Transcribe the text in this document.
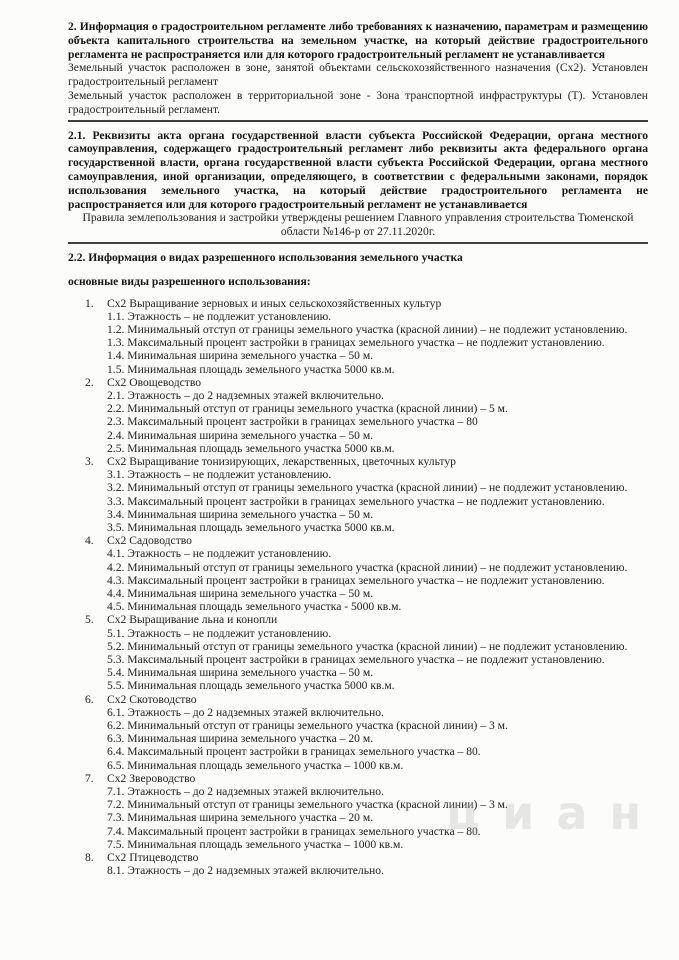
2. Информация о градостроительном регламенте либо требованиях к назначению, параметрам и размещению объекта капитального строительства на земельном участке, на который действие градостроительного регламента не распространяется или для которого градостроительный регламент не устанавливается
Земельный участок расположен в зоне, занятой объектами сельскохозяйственного назначения (Сх2). Установлен градостроительный регламент
Земельный участок расположен в территориальной зоне - Зона транспортной инфраструктуры (Т). Установлен градостроительный регламент.
2.1. Реквизиты акта органа государственной власти субъекта Российской Федерации, органа местного самоуправления, содержащего градостроительный регламент либо реквизиты акта федерального органа государственной власти, органа государственной власти субъекта Российской Федерации, органа местного самоуправления, иной организации, определяющего, в соответствии с федеральными законами, порядок использования земельного участка, на который действие градостроительного регламента не распространяется или для которого градостроительный регламент не устанавливается
Правила землепользования и застройки утверждены решением Главного управления строительства Тюменской области №146-р от 27.11.2020г.
2.2. Информация о видах разрешенного использования земельного участка
основные виды разрешенного использования:
1. Сх2 Выращивание зерновых и иных сельскохозяйственных культур
1.1. Этажность – не подлежит установлению.
1.2. Минимальный отступ от границы земельного участка (красной линии) – не подлежит установлению.
1.3. Максимальный процент застройки в границах земельного участка – не подлежит установлению.
1.4. Минимальная ширина земельного участка – 50 м.
1.5. Минимальная площадь земельного участка 5000 кв.м.
2. Сх2 Овощеводство
2.1. Этажность – до 2 надземных этажей включительно.
2.2. Минимальный отступ от границы земельного участка (красной линии) – 5 м.
2.3. Максимальный процент застройки в границах земельного участка – 80
2.4. Минимальная ширина земельного участка – 50 м.
2.5. Минимальная площадь земельного участка 5000 кв.м.
3. Сх2 Выращивание тонизирующих, лекарственных, цветочных культур
3.1. Этажность – не подлежит установлению.
3.2. Минимальный отступ от границы земельного участка (красной линии) – не подлежит установлению.
3.3. Максимальный процент застройки в границах земельного участка – не подлежит установлению.
3.4. Минимальная ширина земельного участка – 50 м.
3.5. Минимальная площадь земельного участка 5000 кв.м.
4. Сх2 Садоводство
4.1. Этажность – не подлежит установлению.
4.2. Минимальный отступ от границы земельного участка (красной линии) – не подлежит установлению.
4.3. Максимальный процент застройки в границах земельного участка – не подлежит установлению.
4.4. Минимальная ширина земельного участка – 50 м.
4.5. Минимальная площадь земельного участка - 5000 кв.м.
5. Сх2 Выращивание льна и конопли
5.1. Этажность – не подлежит установлению.
5.2. Минимальный отступ от границы земельного участка (красной линии) – не подлежит установлению.
5.3. Максимальный процент застройки в границах земельного участка – не подлежит установлению.
5.4. Минимальная ширина земельного участка – 50 м.
5.5. Минимальная площадь земельного участка 5000 кв.м.
6. Сх2 Скотоводство
6.1. Этажность – до 2 надземных этажей включительно.
6.2. Минимальный отступ от границы земельного участка (красной линии) – 3 м.
6.3. Минимальная ширина земельного участка – 20 м.
6.4. Максимальный процент застройки в границах земельного участка – 80.
6.5. Минимальная площадь земельного участка – 1000 кв.м.
7. Сх2 Звероводство
7.1. Этажность – до 2 надземных этажей включительно.
7.2. Минимальный отступ от границы земельного участка (красной линии) – 3 м.
7.3. Минимальная ширина земельного участка – 20 м.
7.4. Максимальный процент застройки в границах земельного участка – 80.
7.5. Минимальная площадь земельного участка – 1000 кв.м.
8. Сх2 Птицеводство
8.1. Этажность – до 2 надземных этажей включительно.
циан
